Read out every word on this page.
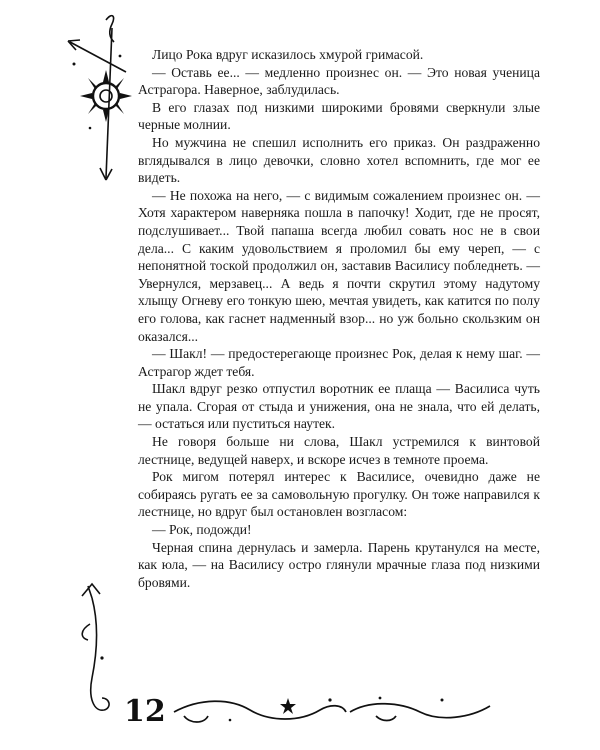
Лицо Рока вдруг исказилось хмурой гримасой.

— Оставь ее... — медленно произнес он. — Это новая ученица Астрагора. Наверное, заблудилась.

В его глазах под низкими широкими бровями сверкнули злые черные молнии.

Но мужчина не спешил исполнить его приказ. Он раздраженно вглядывался в лицо девочки, словно хотел вспомнить, где мог ее видеть.

— Не похожа на него, — с видимым сожалением произнес он. — Хотя характером наверняка пошла в папочку! Ходит, где не просят, подслушивает... Твой папаша всегда любил совать нос не в свои дела... С каким удовольствием я проломил бы ему череп, — с непонятной тоской продолжил он, заставив Василису побледнеть. — Увернулся, мерзавец... А ведь я почти скрутил этому надутому хлыщу Огневу его тонкую шею, мечтая увидеть, как катится по полу его голова, как гаснет надменный взор... но уж больно скользким он оказался...

— Шакл! — предостерегающе произнес Рок, делая к нему шаг. — Астрагор ждет тебя.

Шакл вдруг резко отпустил воротник ее плаща — Василиса чуть не упала. Сгорая от стыда и унижения, она не знала, что ей делать, — остаться или пуститься наутек.

Не говоря больше ни слова, Шакл устремился к винтовой лестнице, ведущей наверх, и вскоре исчез в темноте проема.

Рок мигом потерял интерес к Василисе, очевидно даже не собираясь ругать ее за самовольную прогулку. Он тоже направился к лестнице, но вдруг был остановлен возгласом:

— Рок, подожди!

Черная спина дернулась и замерла. Парень крутанулся на месте, как юла, — на Василису остро глянули мрачные глаза под низкими бровями.

12
